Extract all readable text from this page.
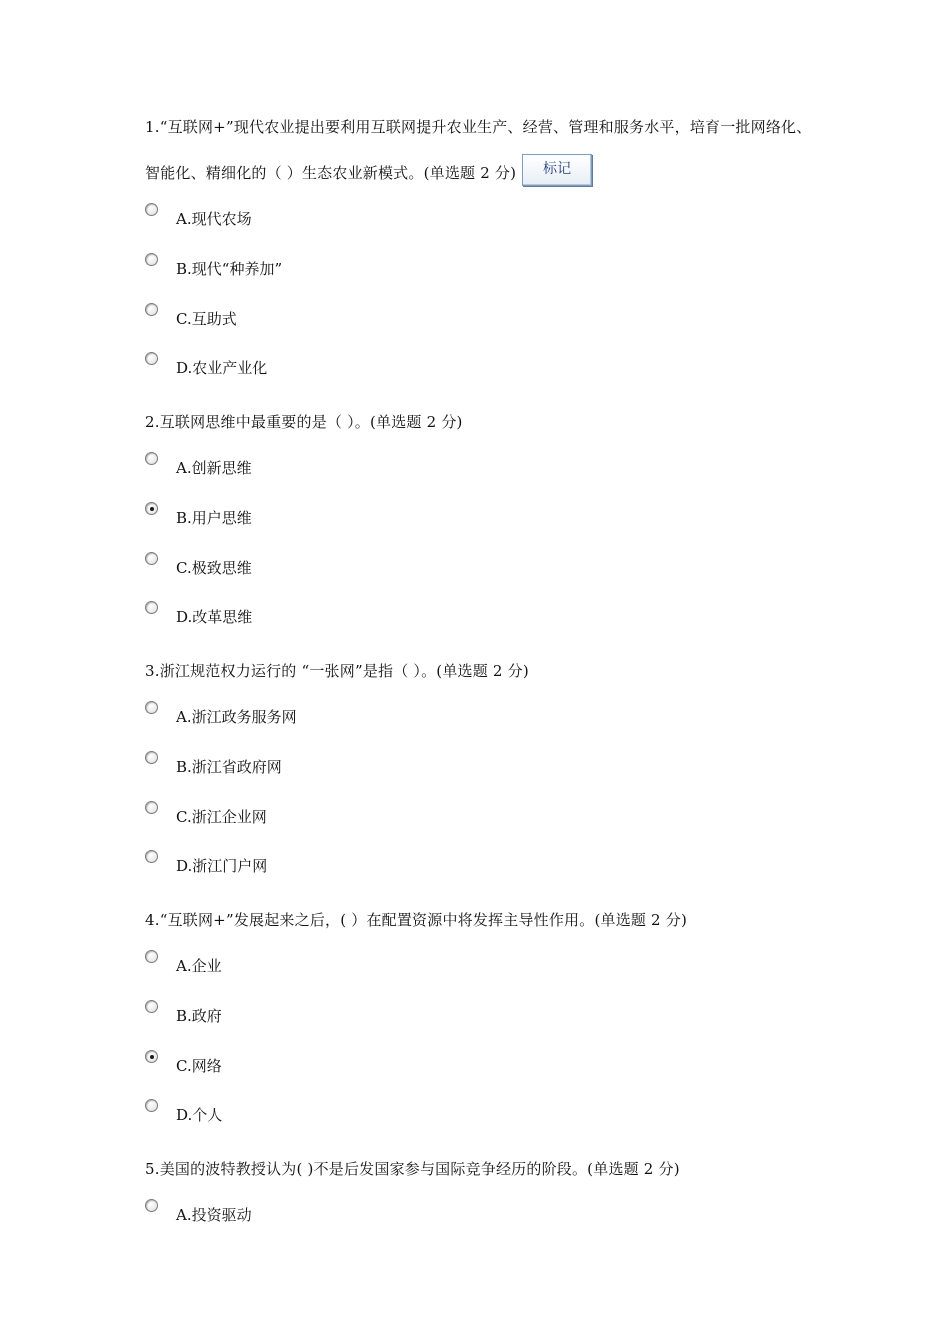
1.“互联网+”现代农业提出要利用互联网提升农业生产、经营、管理和服务水平，培育一批网络化、智能化、精细化的（ ）生态农业新模式。(单选题 2 分) 标记

A.现代农场
B.现代“种养加”
C.互助式
D.农业产业化

2.互联网思维中最重要的是（ ）。(单选题 2 分)

A.创新思维
B.用户思维
C.极致思维
D.改革思维

3.浙江规范权力运行的 “一张网”是指（ ）。(单选题 2 分)

A.浙江政务服务网
B.浙江省政府网
C.浙江企业网
D.浙江门户网

4.“互联网+”发展起来之后，( ）在配置资源中将发挥主导性作用。(单选题 2 分)

A.企业
B.政府
C.网络
D.个人

5.美国的波特教授认为( )不是后发国家参与国际竞争经历的阶段。(单选题 2 分)

A.投资驱动
